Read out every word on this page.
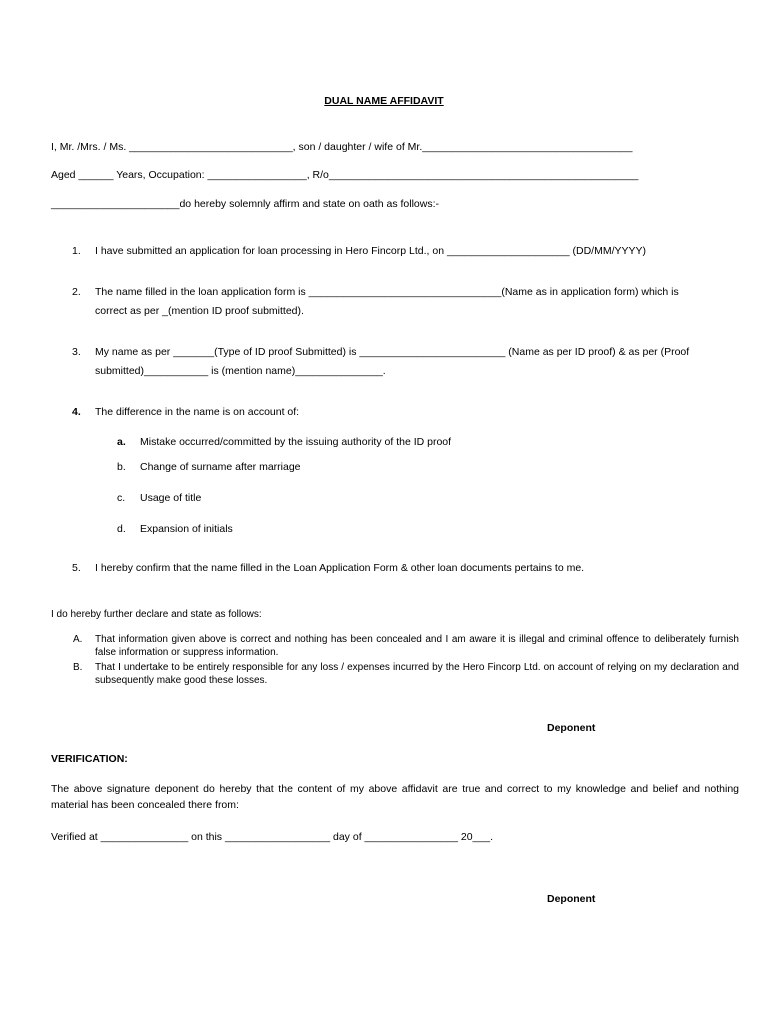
DUAL NAME AFFIDAVIT

I, Mr. /Mrs. / Ms. ____________________________, son / daughter / wife of Mr.____________________________________

Aged ______ Years, Occupation: _________________, R/o_____________________________________________________

______________________do hereby solemnly affirm and state on oath as follows:-

1. I have submitted an application for loan processing in Hero Fincorp Ltd., on _____________________ (DD/MM/YYYY)
2. The name filled in the loan application form is _________________________________(Name as in application form) which is
correct as per _(mention ID proof submitted).
3. My name as per _______(Type of ID proof Submitted) is _________________________ (Name as per ID proof) & as per (Proof
submitted)___________ is (mention name)_______________.
4. The difference in the name is on account of:
a. Mistake occurred/committed by the issuing authority of the ID proof
b. Change of surname after marriage
c. Usage of title
d. Expansion of initials
5. I hereby confirm that the name filled in the Loan Application Form & other loan documents pertains to me.

I do hereby further declare and state as follows:

A. That information given above is correct and nothing has been concealed and I am aware it is illegal and criminal offence to deliberately furnish false information or suppress information.
B. That I undertake to be entirely responsible for any loss / expenses incurred by the Hero Fincorp Ltd. on account of relying on my declaration and subsequently make good these losses.

Deponent

VERIFICATION:

The above signature deponent do hereby that the content of my above affidavit are true and correct to my knowledge and belief and nothing material has been concealed there from:

Verified at _______________ on this __________________ day of ________________ 20___.

Deponent
